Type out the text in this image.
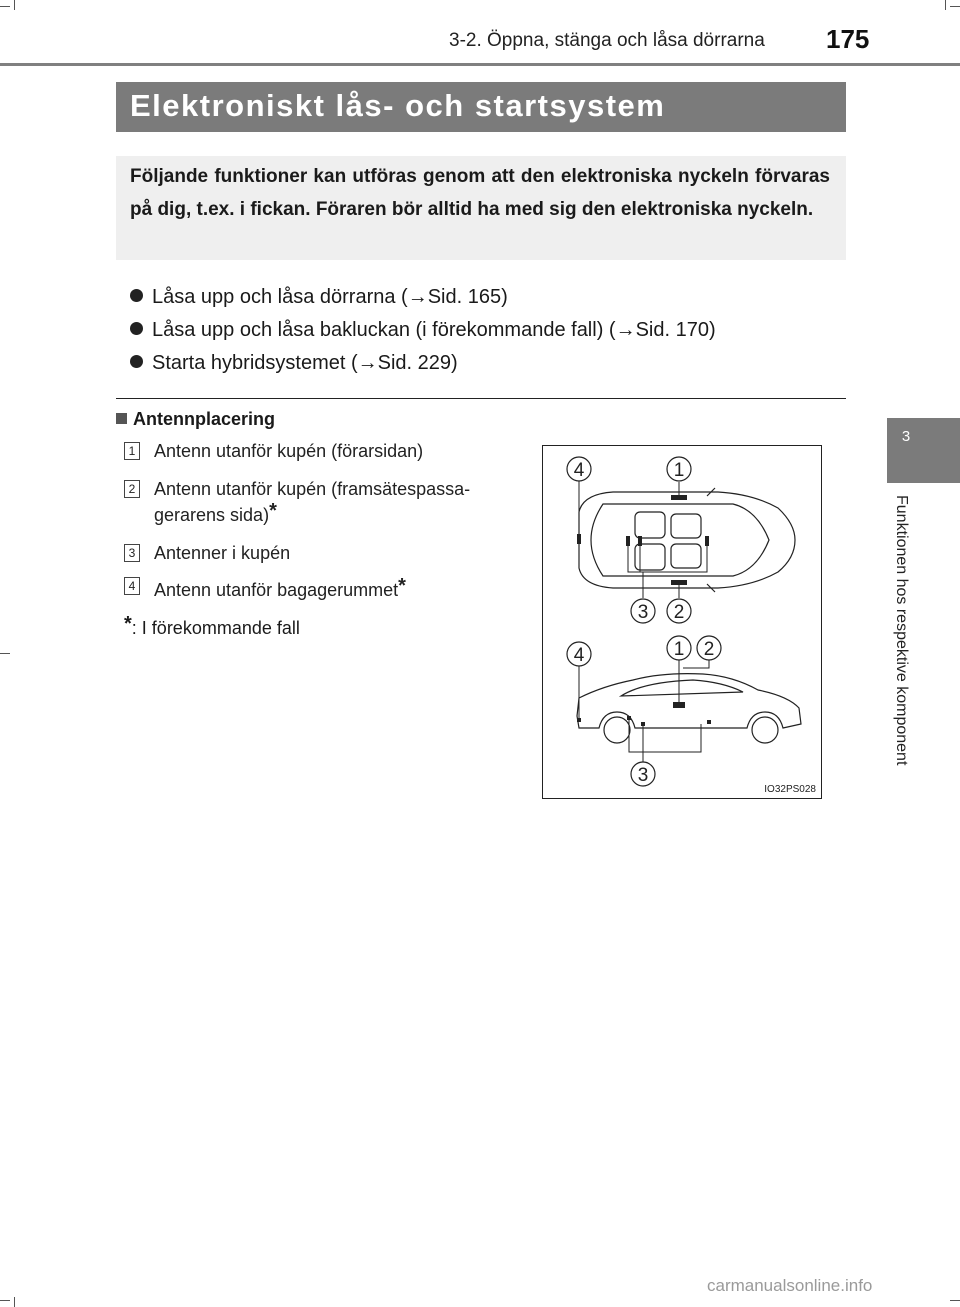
3-2. Öppna, stänga och låsa dörrarna 175
3
Funktionen hos respektive komponent
Elektroniskt lås- och startsystem
Följande funktioner kan utföras genom att den elektroniska nyckeln förvaras på dig, t.ex. i fickan. Föraren bör alltid ha med sig den elektroniska nyckeln.
Låsa upp och låsa dörrarna (→Sid. 165)
Låsa upp och låsa bakluckan (i förekommande fall) (→Sid. 170)
Starta hybridsystemet (→Sid. 229)
Antennplacering
1 Antenn utanför kupén (förarsidan)
2 Antenn utanför kupén (framsätespassa-
gerarens sida)*
3 Antenner i kupén
4 Antenn utanför bagagerummet*
*: I förekommande fall
4	1
3 2
4	1 2
3
IO32PS028
carmanualsonline.info
